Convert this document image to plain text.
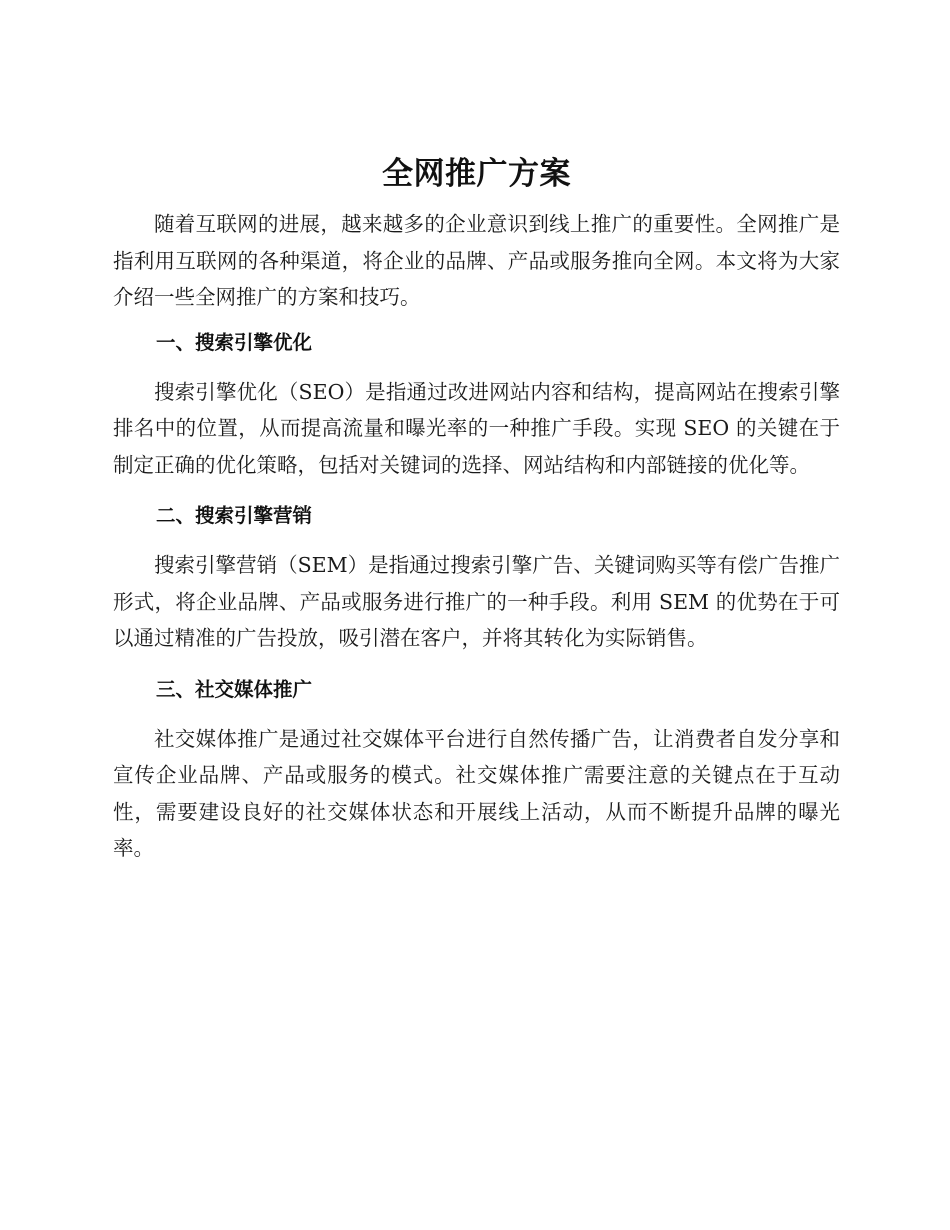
全网推广方案

随着互联网的进展，越来越多的企业意识到线上推广的重要性。全网推广是指利用互联网的各种渠道，将企业的品牌、产品或服务推向全网。本文将为大家介绍一些全网推广的方案和技巧。

一、搜索引擎优化

搜索引擎优化（SEO）是指通过改进网站内容和结构，提高网站在搜索引擎排名中的位置，从而提高流量和曝光率的一种推广手段。实现 SEO 的关键在于制定正确的优化策略，包括对关键词的选择、网站结构和内部链接的优化等。

二、搜索引擎营销

搜索引擎营销（SEM）是指通过搜索引擎广告、关键词购买等有偿广告推广形式，将企业品牌、产品或服务进行推广的一种手段。利用 SEM 的优势在于可以通过精准的广告投放，吸引潜在客户，并将其转化为实际销售。

三、社交媒体推广

社交媒体推广是通过社交媒体平台进行自然传播广告，让消费者自发分享和宣传企业品牌、产品或服务的模式。社交媒体推广需要注意的关键点在于互动性，需要建设良好的社交媒体状态和开展线上活动，从而不断提升品牌的曝光率。
